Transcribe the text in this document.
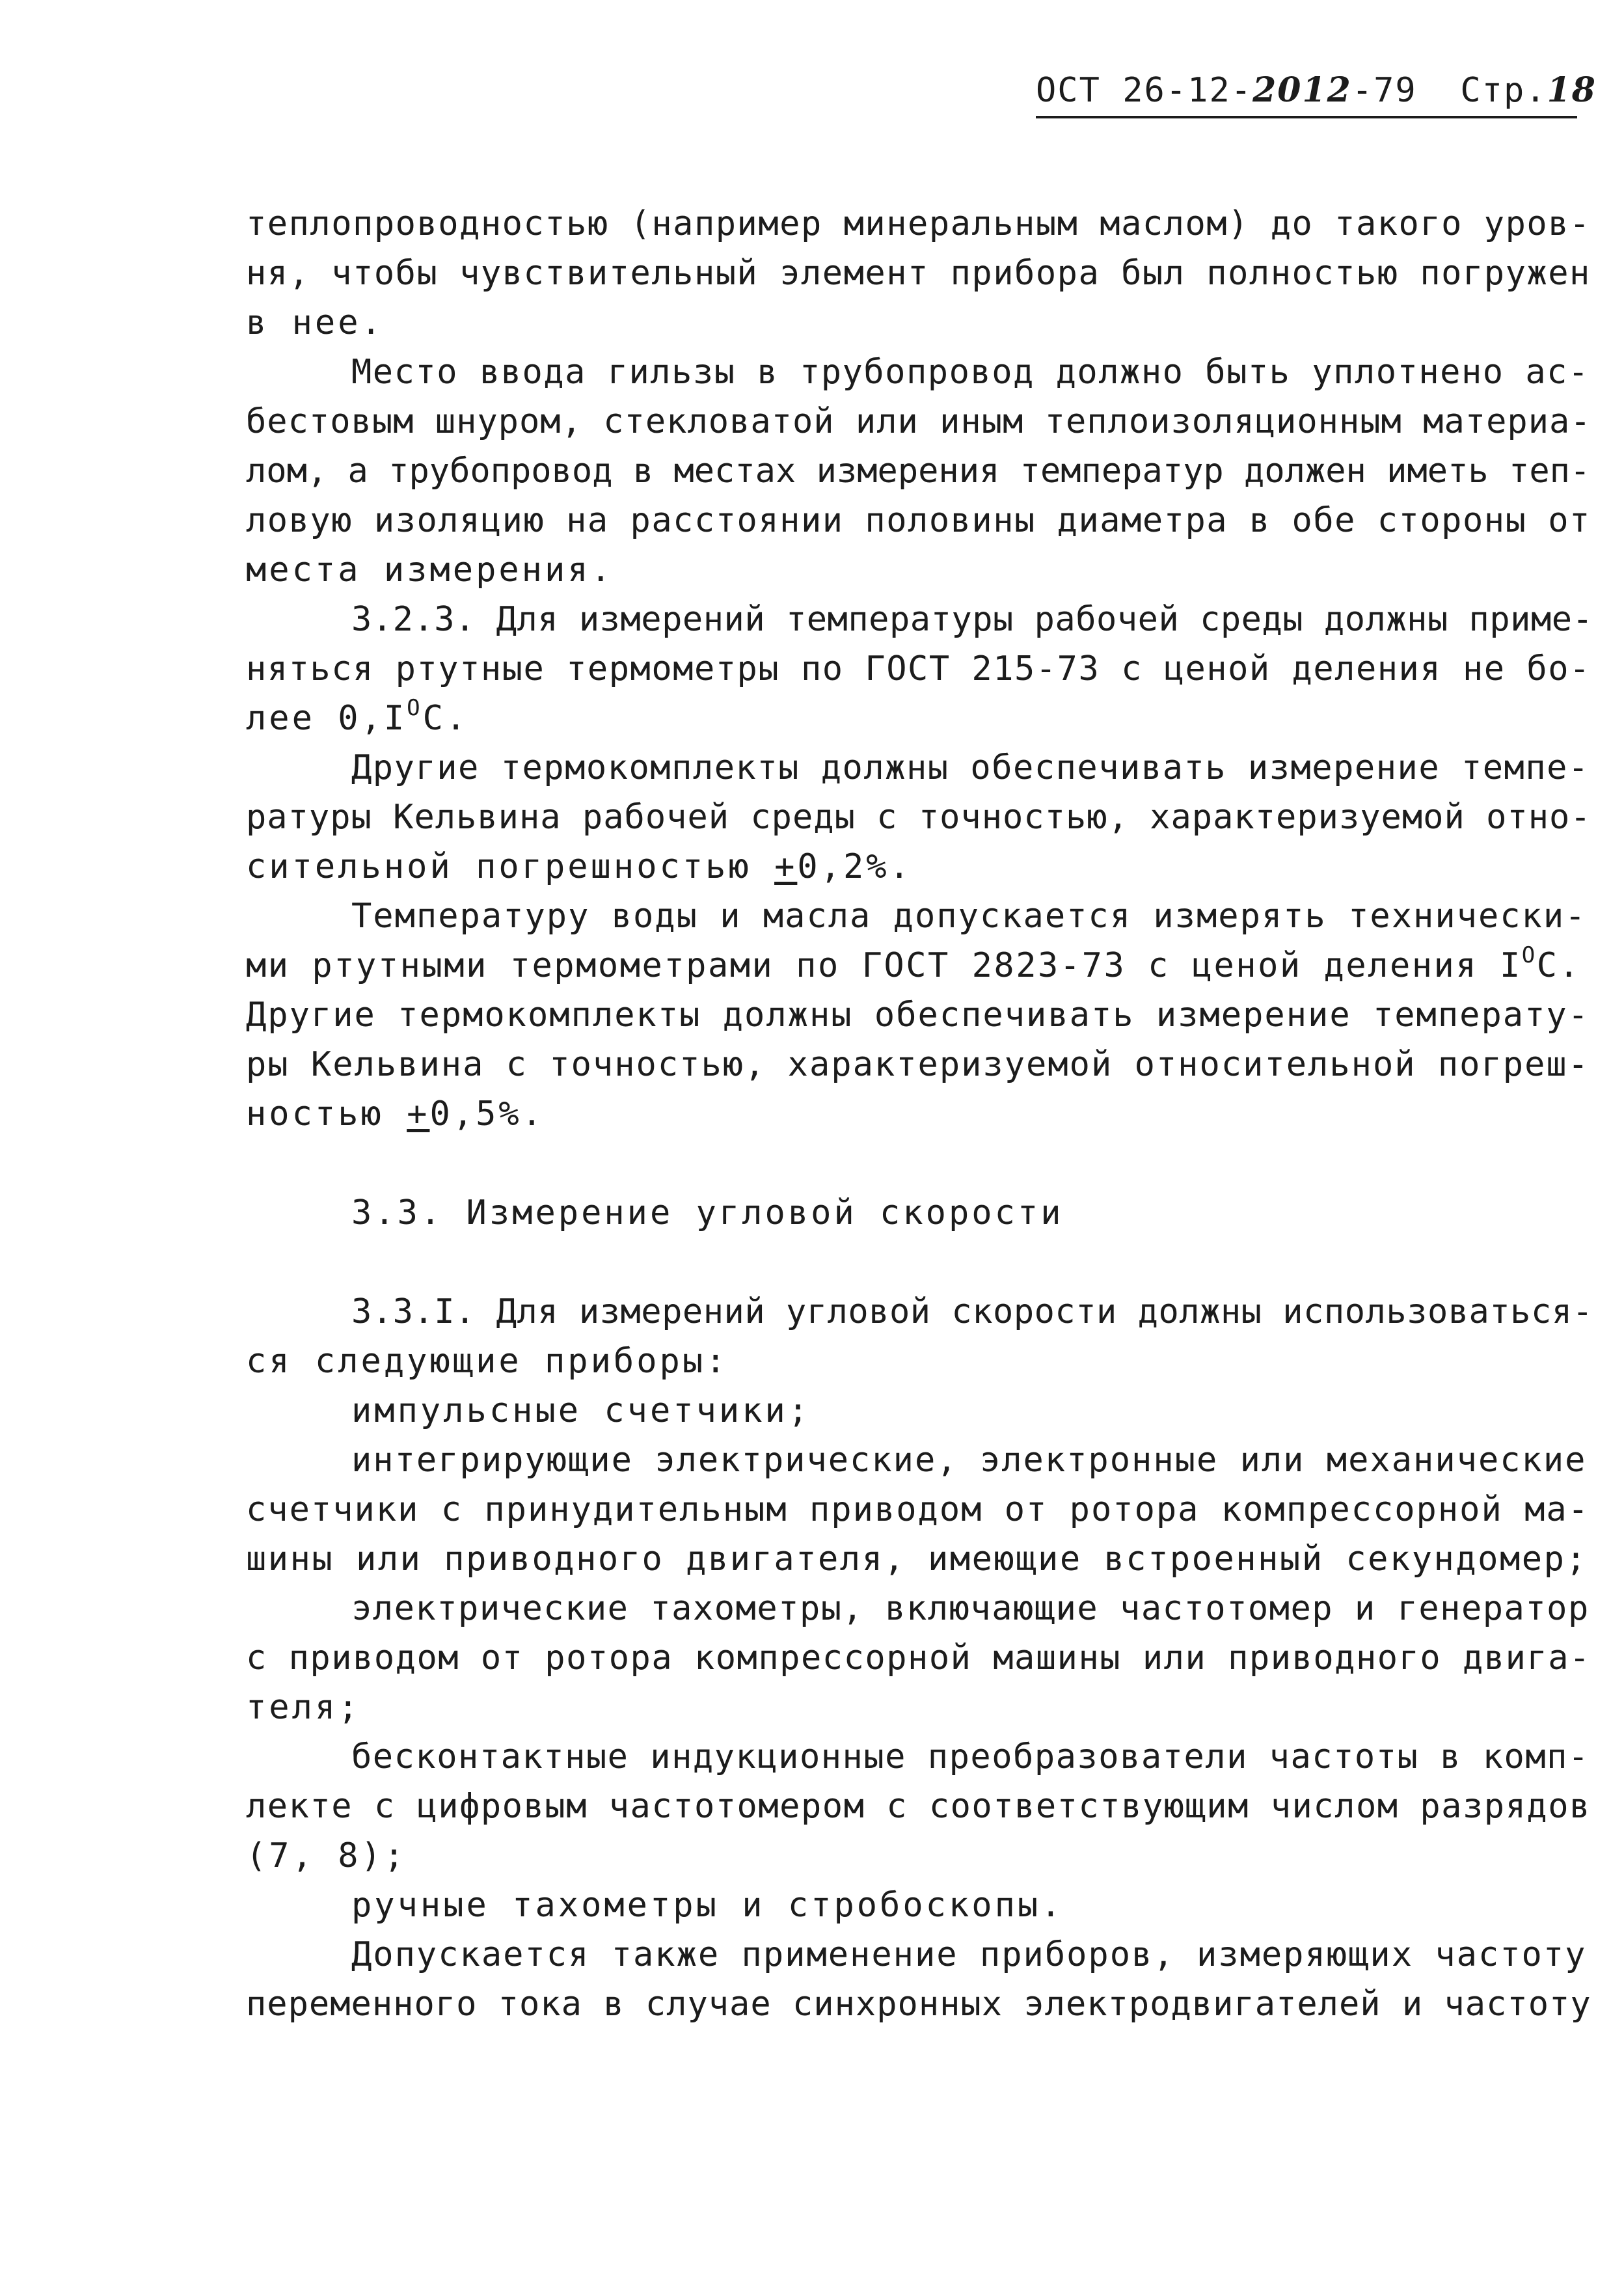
ОСТ 26-12-2012-79 Стр.18
теплопроводностью (например минеральным маслом) до такого уров-
ня, чтобы чувствительный элемент прибора был полностью погружен
в нее.
Место ввода гильзы в трубопровод должно быть уплотнено ас-
бестовым шнуром, стекловатой или иным теплоизоляционным материа-
лом, а трубопровод в местах измерения температур должен иметь теп-
ловую изоляцию на расстоянии половины диаметра в обе стороны от
места измерения.
3.2.3. Для измерений температуры рабочей среды должны приме-
няться ртутные термометры по ГОСТ 215-73 с ценой деления не бо-
лее $0,I^OC$.
Другие термокомплекты должны обеспечивать измерение темпе-
ратуры Кельвина рабочей среды с точностью, характеризуемой отно-
сительной погрешностью +0,2%.
Температуру воды и масла допускается измерять технически-
ми ртутными термометрами по ГОСТ 2823-73 с ценой деления $I^OC$.
Другие термокомплекты должны обеспечивать измерение температу-
ры Кельвина с точностью, характеризуемой относительной погреш-
ностью +0,5%.
3.3. Измерение угловой скорости
3.3.I. Для измерений угловой скорости должны использоваться-
ся следующие приборы:
импульсные счетчики;
интегрирующие электрические, электронные или механические
счетчики с принудительным приводом от ротора компрессорной ма-
шины или приводного двигателя, имеющие встроенный секундомер;
электрические тахометры, включающие частотомер и генератор
с приводом от ротора компрессорной машины или приводного двига-
теля;
бесконтактные индукционные преобразователи частоты в комп-
лекте с цифровым частотомером с соответствующим числом разрядов
(7, 8);
ручные тахометры и стробоскопы.
Допускается также применение приборов, измеряющих частоту
переменного тока в случае синхронных электродвигателей и частоту
